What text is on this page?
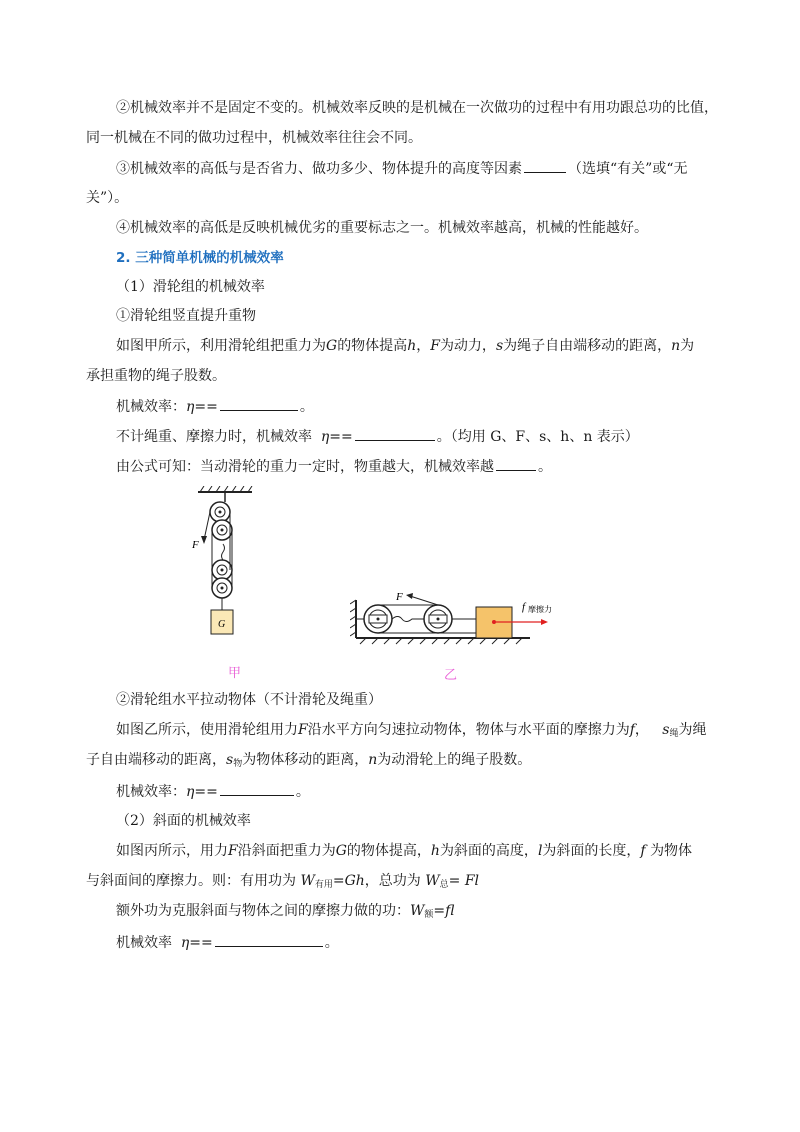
②机械效率并不是固定不变的。机械效率反映的是机械在一次做功的过程中有用功跟总功的比值，
同一机械在不同的做功过程中，机械效率往往会不同。
③机械效率的高低与是否省力、做功多少、物体提升的高度等因素	（选填“有关”或“无
关”）。
④机械效率的高低是反映机械优劣的重要标志之一。机械效率越高，机械的性能越好。
2. 三种简单机械的机械效率
（1）滑轮组的机械效率
①滑轮组竖直提升重物
如图甲所示，利用滑轮组把重力为G的物体提高h，F为动力，s为绳子自由端移动的距离，n为
承担重物的绳子股数。
机械效率：η==	。
不计绳重、摩擦力时，机械效率 η==	。（均用 G、F、s、h、n 表示）
由公式可知：当动滑轮的重力一定时，物重越大，机械效率越	。
F
G
F
f 摩擦力
甲	乙
②滑轮组水平拉动物体（不计滑轮及绳重）
如图乙所示，使用滑轮组用力F沿水平方向匀速拉动物体，物体与水平面的摩擦力为f， $s_绳$为绳
子自由端移动的距离，$s_物$为物体移动的距离，n为动滑轮上的绳子股数。
机械效率：η==	。
（2）斜面的机械效率
如图丙所示，用力F沿斜面把重力为G的物体提高，h为斜面的高度，l为斜面的长度，f 为物体
与斜面间的摩擦力。则：有用功为 $W_{有用}=Gh$，总功为 $W_总= Fl$
额外功为克服斜面与物体之间的摩擦力做的功：$W_额=fl$
机械效率 η==	。
